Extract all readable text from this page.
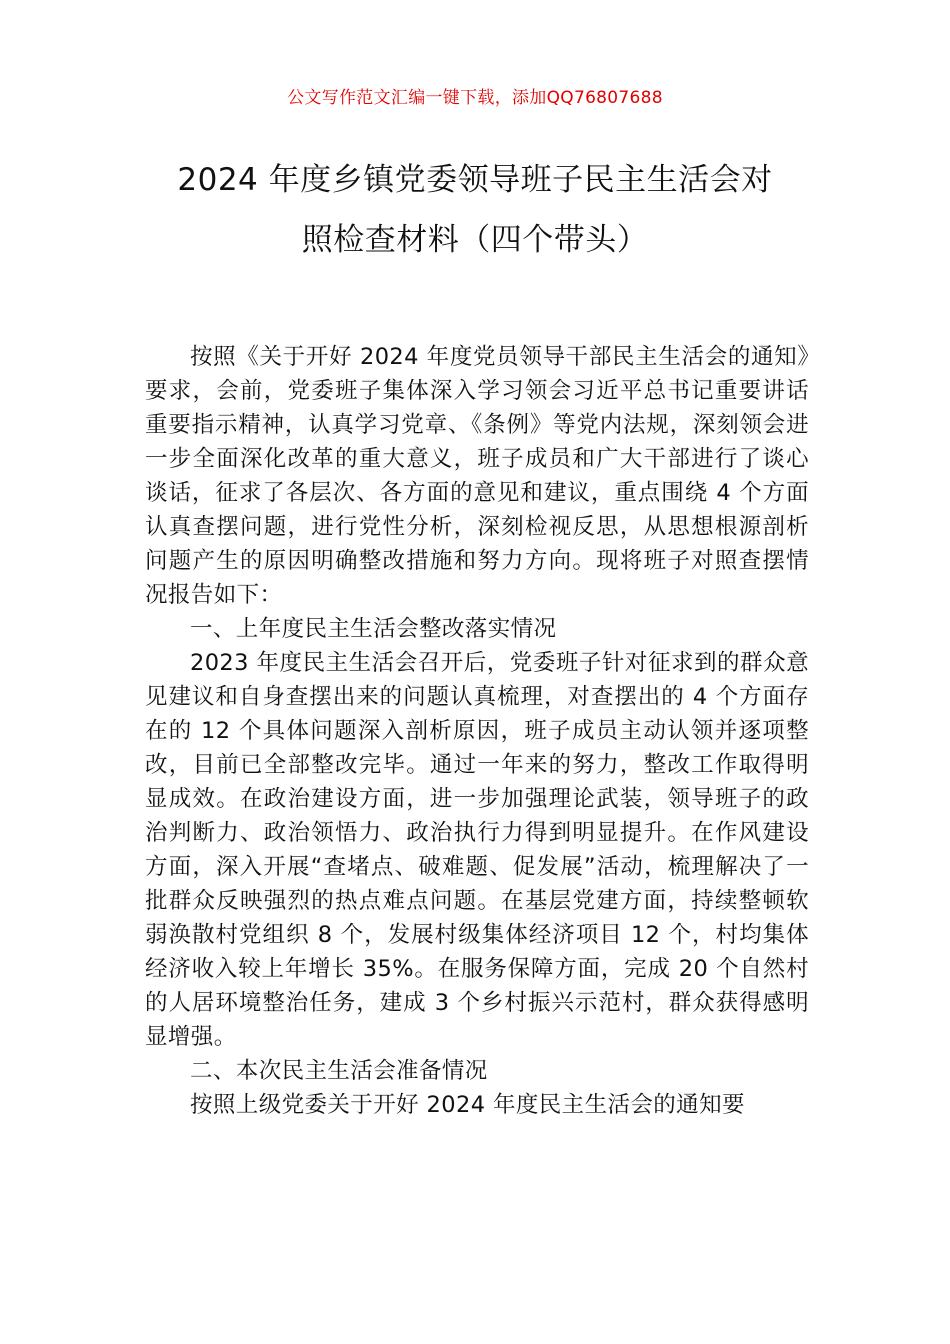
公文写作范文汇编一键下载，添加QQ76807688
2024 年度乡镇党委领导班子民主生活会对
照检查材料（四个带头）

按照《关于开好 2024 年度党员领导干部民主生活会的通知》要求，会前，党委班子集体深入学习领会习近平总书记重要讲话重要指示精神，认真学习党章、《条例》等党内法规，深刻领会进一步全面深化改革的重大意义，班子成员和广大干部进行了谈心谈话，征求了各层次、各方面的意见和建议，重点围绕 4 个方面认真查摆问题，进行党性分析，深刻检视反思，从思想根源剖析问题产生的原因明确整改措施和努力方向。现将班子对照查摆情况报告如下：

一、上年度民主生活会整改落实情况

2023 年度民主生活会召开后，党委班子针对征求到的群众意见建议和自身查摆出来的问题认真梳理，对查摆出的 4 个方面存在的 12 个具体问题深入剖析原因，班子成员主动认领并逐项整改，目前已全部整改完毕。通过一年来的努力，整改工作取得明显成效。在政治建设方面，进一步加强理论武装，领导班子的政治判断力、政治领悟力、政治执行力得到明显提升。在作风建设方面，深入开展“查堵点、破难题、促发展”活动，梳理解决了一批群众反映强烈的热点难点问题。在基层党建方面，持续整顿软弱涣散村党组织 8 个，发展村级集体经济项目 12 个，村均集体经济收入较上年增长 35%。在服务保障方面，完成 20 个自然村的人居环境整治任务，建成 3 个乡村振兴示范村，群众获得感明显增强。

二、本次民主生活会准备情况

按照上级党委关于开好 2024 年度民主生活会的通知要
